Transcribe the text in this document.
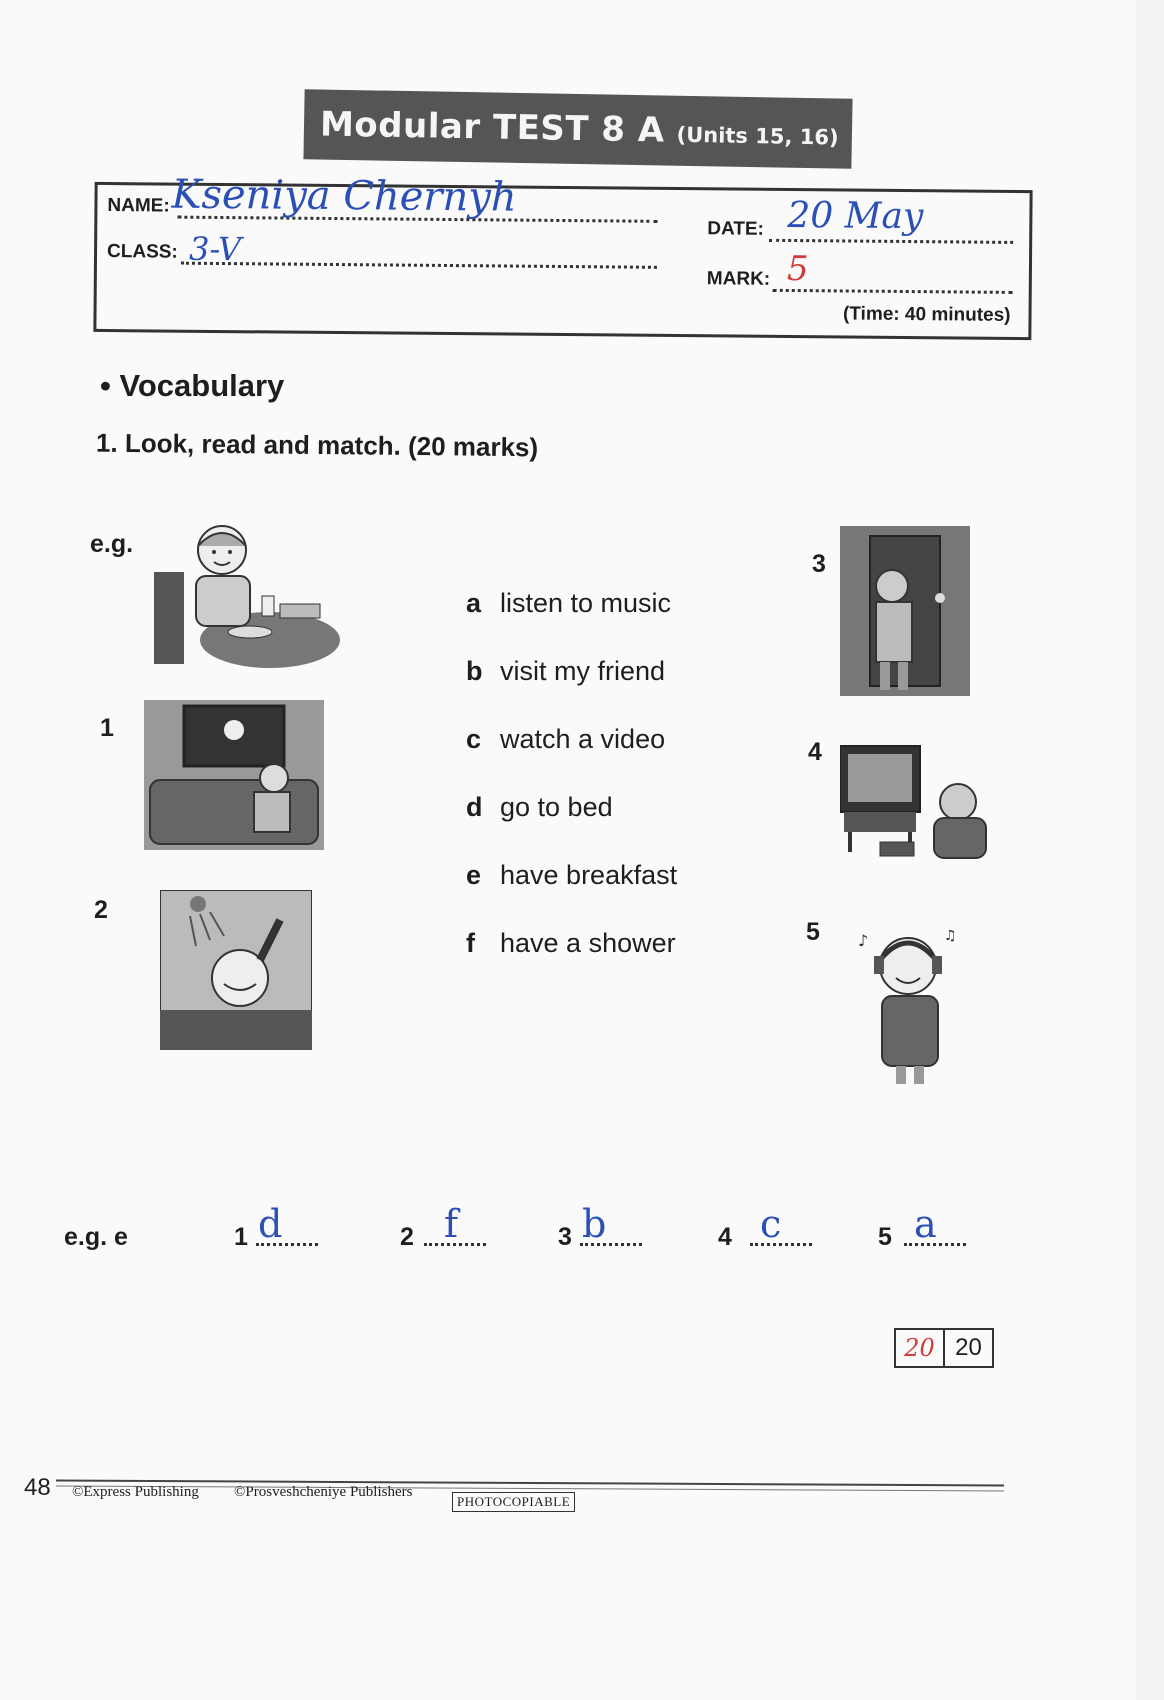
Modular TEST 8 A (Units 15, 16)
NAME: Kseniya Chernyh
DATE: 20 May
CLASS: 3-V
MARK: 5
(Time: 40 minutes)
• Vocabulary
1. Look, read and match. (20 marks)
e.g.
1
2
3
4
5 ♪	♫
a listen to music
b visit my friend
c watch a video
d go to bed
e have breakfast
f have a shower
e.g. e	1 d	2 f	3 b	4 c	5 a
20 20
48 ©Express Publishing ©Prosveshcheniye Publishers
PHOTOCOPIABLE
